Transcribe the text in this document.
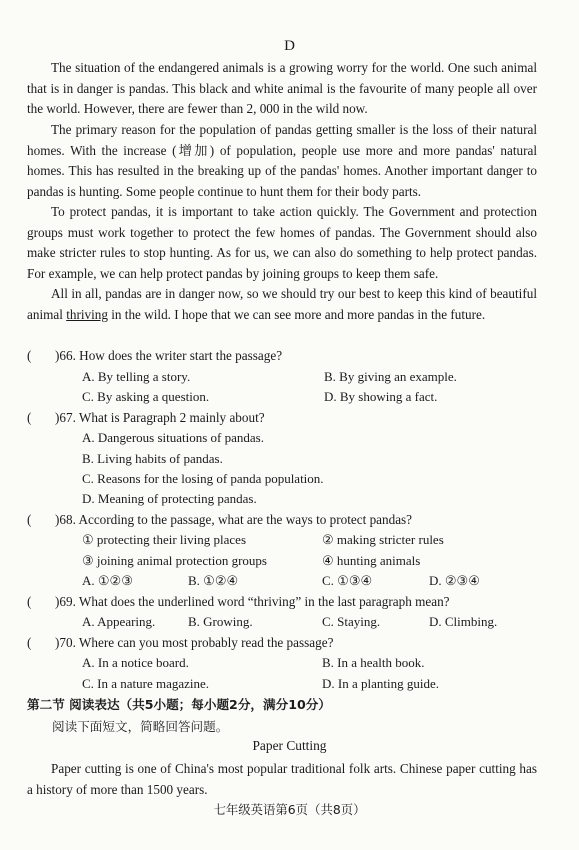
D

The situation of the endangered animals is a growing worry for the world. One such animal that is in danger is pandas. This black and white animal is the favourite of many people all over the world. However, there are fewer than 2, 000 in the wild now.

The primary reason for the population of pandas getting smaller is the loss of their natural homes. With the increase (增加) of population, people use more and more pandas' natural homes. This has resulted in the breaking up of the pandas' homes. Another important danger to pandas is hunting. Some people continue to hunt them for their body parts.

To protect pandas, it is important to take action quickly. The Government and protection groups must work together to protect the few homes of pandas. The Government should also make stricter rules to stop hunting. As for us, we can also do something to help protect pandas. For example, we can help protect pandas by joining groups to keep them safe.

All in all, pandas are in danger now, so we should try our best to keep this kind of beautiful animal thriving in the wild. I hope that we can see more and more pandas in the future.

( )66. How does the writer start the passage?
A. By telling a story.	B. By giving an example.
C. By asking a question.	D. By showing a fact.
( )67. What is Paragraph 2 mainly about?
A. Dangerous situations of pandas.
B. Living habits of pandas.
C. Reasons for the losing of panda population.
D. Meaning of protecting pandas.
( )68. According to the passage, what are the ways to protect pandas?
① protecting their living places	② making stricter rules
③ joining animal protection groups	④ hunting animals
A. ①②③	B. ①②④	C. ①③④	D. ②③④
( )69. What does the underlined word “thriving” in the last paragraph mean?
A. Appearing.	B. Growing.	C. Staying.	D. Climbing.
( )70. Where can you most probably read the passage?
A. In a notice board.	B. In a health book.
C. In a nature magazine.	D. In a planting guide.
第二节 阅读表达（共5小题；每小题2分，满分10分）
阅读下面短文，简略回答问题。
Paper Cutting

Paper cutting is one of China's most popular traditional folk arts. Chinese paper cutting has a history of more than 1500 years.

七年级英语第6页（共8页）
